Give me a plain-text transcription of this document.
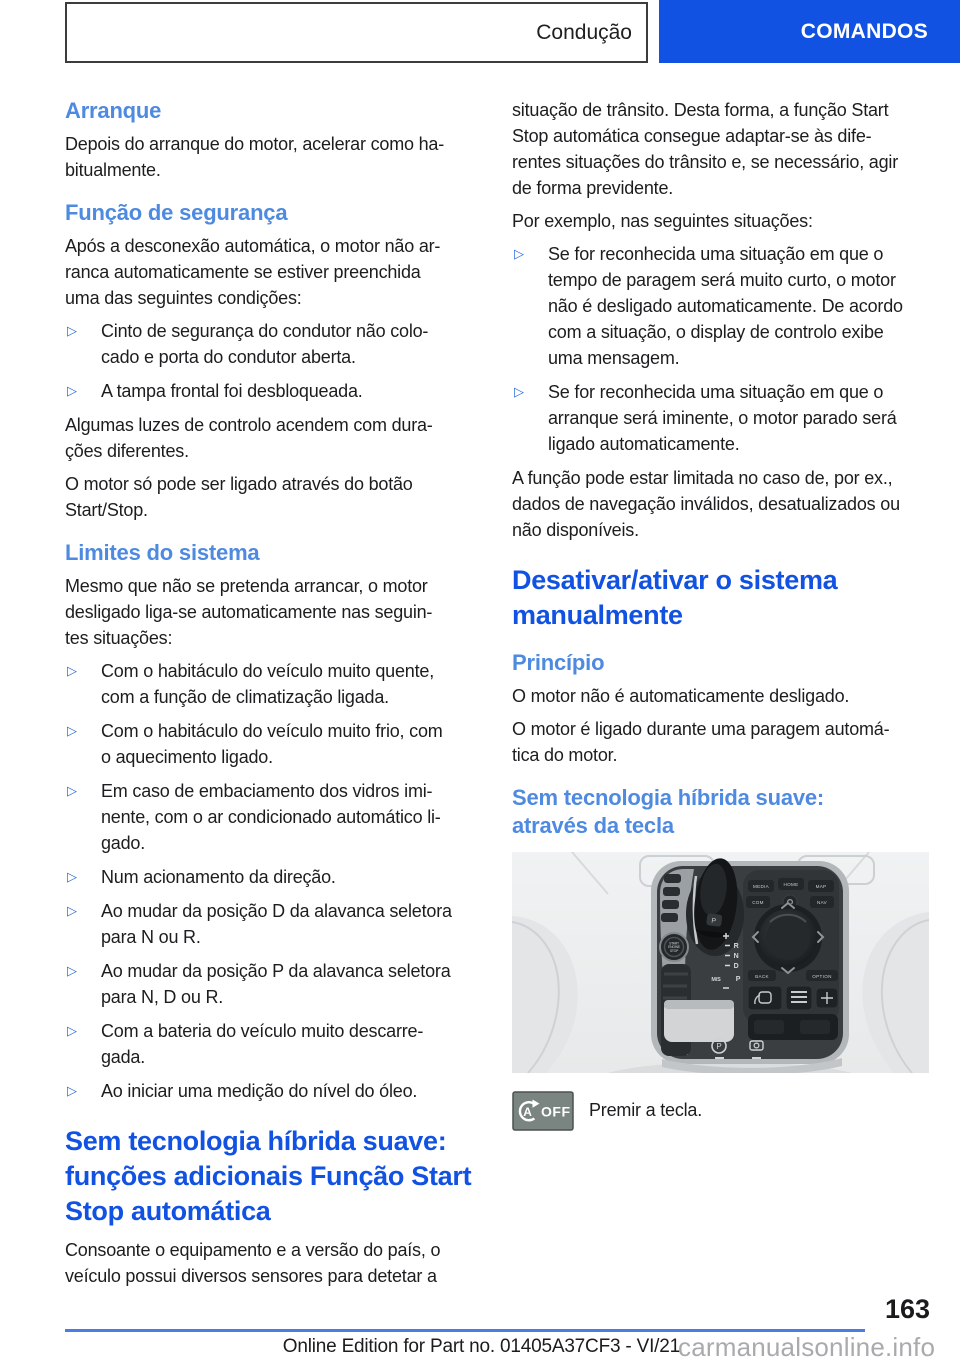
Condução	COMANDOS
Arranque
Depois do arranque do motor, acelerar como ha-
bitualmente.
Função de segurança
Após a desconexão automática, o motor não ar-
ranca automaticamente se estiver preenchida
uma das seguintes condições:
▷	Cinto de segurança do condutor não colo-
cado e porta do condutor aberta.
▷	A tampa frontal foi desbloqueada.
Algumas luzes de controlo acendem com dura-
ções diferentes.
O motor só pode ser ligado através do botão
Start/Stop.
Limites do sistema
Mesmo que não se pretenda arrancar, o motor
desligado liga-se automaticamente nas seguin-
tes situações:
▷	Com o habitáculo do veículo muito quente,
com a função de climatização ligada.
▷	Com o habitáculo do veículo muito frio, com
o aquecimento ligado.
▷	Em caso de embaciamento dos vidros imi-
nente, com o ar condicionado automático li-
gado.
▷	Num acionamento da direção.
▷	Ao mudar da posição D da alavanca seletora
para N ou R.
▷	Ao mudar da posição P da alavanca seletora
para N, D ou R.
▷	Com a bateria do veículo muito descarre-
gada.
▷	Ao iniciar uma medição do nível do óleo.
Sem tecnologia híbrida suave:
funções adicionais Função Start
Stop automática
Consoante o equipamento e a versão do país, o
veículo possui diversos sensores para detetar a
situação de trânsito. Desta forma, a função Start
Stop automática consegue adaptar-se às dife-
rentes situações do trânsito e, se necessário, agir
de forma previdente.
Por exemplo, nas seguintes situações:
▷	Se for reconhecida uma situação em que o
tempo de paragem será muito curto, o motor
não é desligado automaticamente. De acordo
com a situação, o display de controlo exibe
uma mensagem.
▷	Se for reconhecida uma situação em que o
arranque será iminente, o motor parado será
ligado automaticamente.
A função pode estar limitada no caso de, por ex.,
dados de navegação inválidos, desatualizados ou
não disponíveis.
Desativar/ativar o sistema
manualmente
Princípio
O motor não é automaticamente desligado.
O motor é ligado durante uma paragem automá-
tica do motor.
Sem tecnologia híbrida suave:
através da tecla
START
ENGINE
STOP
P
R
N
D
P
M/S
MEDIA	HOME	MAP
COM	NAV
BACK	OPTION
P
A OFF Premir a tecla.
163
Online Edition for Part no. 01405A37CF3 - VI/21
carmanualsonline.info
